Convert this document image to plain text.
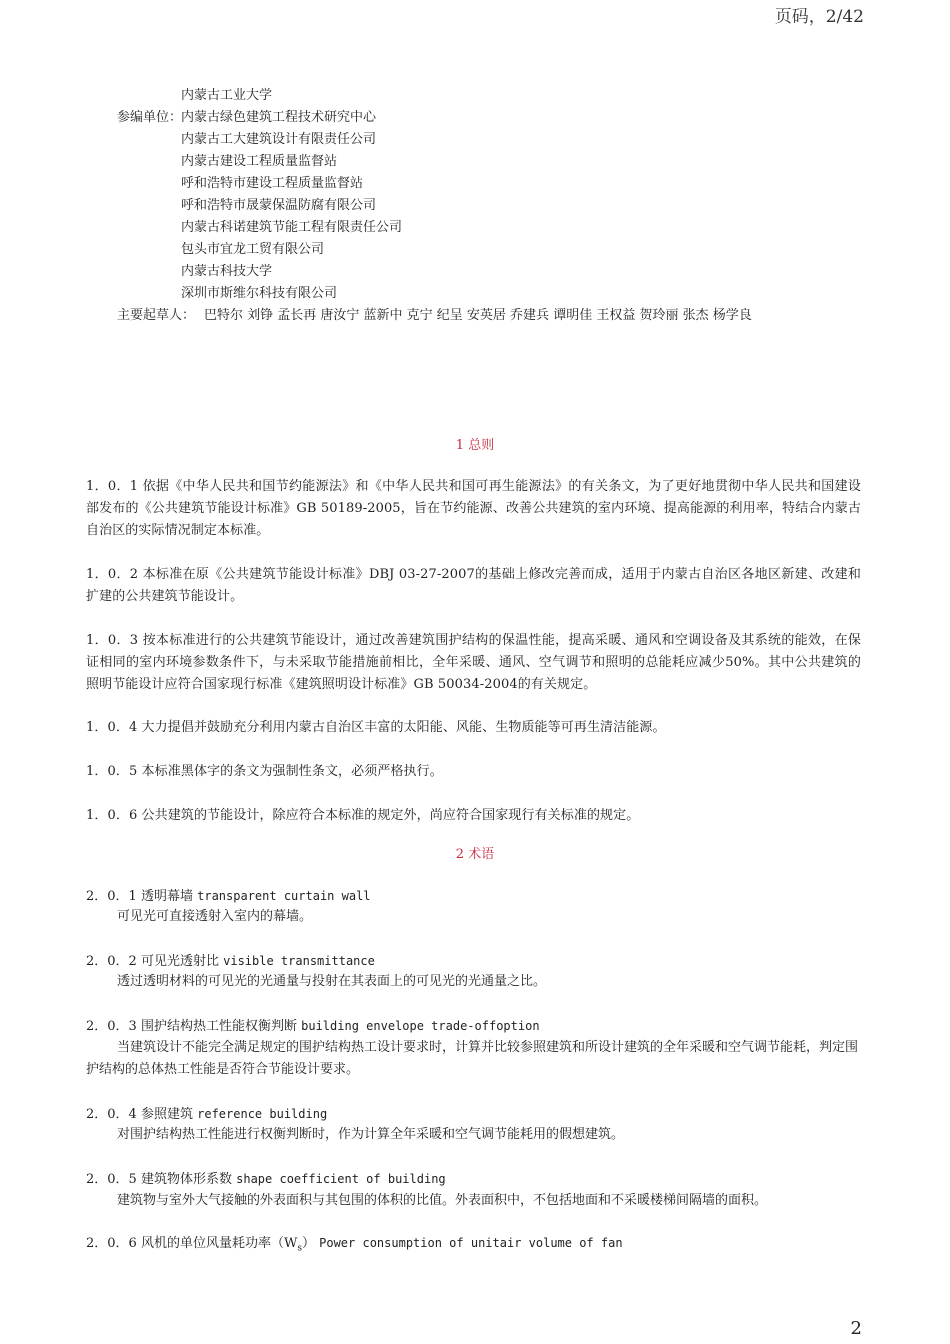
页码，2/42
内蒙古工业大学
参编单位：
内蒙古绿色建筑工程技术研究中心
内蒙古工大建筑设计有限责任公司
内蒙古建设工程质量监督站
呼和浩特市建设工程质量监督站
呼和浩特市晟蒙保温防腐有限公司
内蒙古科诺建筑节能工程有限责任公司
包头市宜龙工贸有限公司
内蒙古科技大学
深圳市斯维尔科技有限公司
主要起草人： 巴特尔 刘铮 孟长再 唐汝宁 蓝新中 克宁 纪呈 安英居 乔建兵 谭明佳 王权益 贺玲丽 张杰 杨学良
1 总则
1．0．1 依据《中华人民共和国节约能源法》和《中华人民共和国可再生能源法》的有关条文，为了更好地贯彻中华人民共和国建设部发布的《公共建筑节能设计标准》GB 50189-2005，旨在节约能源、改善公共建筑的室内环境、提高能源的利用率，特结合内蒙古自治区的实际情况制定本标准。
1．0．2 本标准在原《公共建筑节能设计标准》DBJ 03-27-2007的基础上修改完善而成，适用于内蒙古自治区各地区新建、改建和扩建的公共建筑节能设计。
1．0．3 按本标准进行的公共建筑节能设计，通过改善建筑围护结构的保温性能，提高采暖、通风和空调设备及其系统的能效，在保证相同的室内环境参数条件下，与未采取节能措施前相比，全年采暖、通风、空气调节和照明的总能耗应减少50%。其中公共建筑的照明节能设计应符合国家现行标准《建筑照明设计标准》GB 50034-2004的有关规定。
1．0．4 大力提倡并鼓励充分利用内蒙古自治区丰富的太阳能、风能、生物质能等可再生清洁能源。
1．0．5 本标准黑体字的条文为强制性条文，必须严格执行。
1．0．6 公共建筑的节能设计，除应符合本标准的规定外，尚应符合国家现行有关标准的规定。
2 术语
2．0．1 透明幕墙 transparent curtain wall
可见光可直接透射入室内的幕墙。
2．0．2 可见光透射比 visible transmittance
透过透明材料的可见光的光通量与投射在其表面上的可见光的光通量之比。
2．0．3 围护结构热工性能权衡判断 building envelope trade-offoption
当建筑设计不能完全满足规定的围护结构热工设计要求时，计算并比较参照建筑和所设计建筑的全年采暖和空气调节能耗，判定围护结构的总体热工性能是否符合节能设计要求。
2．0．4 参照建筑 reference building
对围护结构热工性能进行权衡判断时，作为计算全年采暖和空气调节能耗用的假想建筑。
2．0．5 建筑物体形系数 shape coefficient of building
建筑物与室外大气接触的外表面积与其包围的体积的比值。外表面积中，不包括地面和不采暖楼梯间隔墙的面积。
2．0．6 风机的单位风量耗功率$(W_s)$ Power consumption of unitair volume of fan
2
